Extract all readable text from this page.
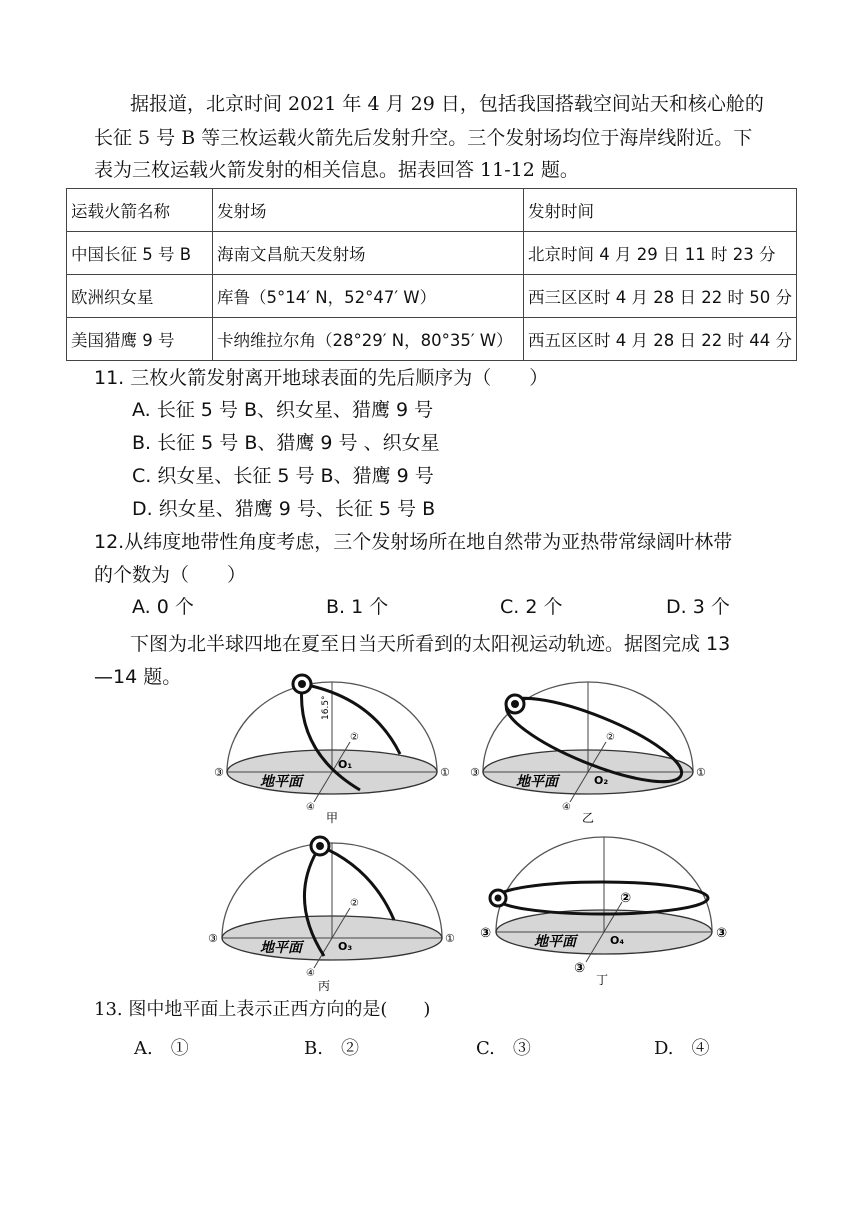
据报道，北京时间 2021 年 4 月 29 日，包括我国搭载空间站天和核心舱的
长征 5 号 B 等三枚运载火箭先后发射升空。三个发射场均位于海岸线附近。下
表为三枚运载火箭发射的相关信息。据表回答 11-12 题。
运载火箭名称	发射场	发射时间
中国长征 5 号 B	海南文昌航天发射场	北京时间 4 月 29 日 11 时 23 分
欧洲织女星	库鲁（5°14′ N，52°47′ W）	西三区区时 4 月 28 日 22 时 50 分
美国猎鹰 9 号	卡纳维拉尔角（28°29′ N，80°35′ W）	西五区区时 4 月 28 日 22 时 44 分
11. 三枚火箭发射离开地球表面的先后顺序为（　　）
A. 长征 5 号 B、织女星、猎鹰 9 号
B. 长征 5 号 B、猎鹰 9 号 、织女星
C. 织女星、长征 5 号 B、猎鹰 9 号
D. 织女星、猎鹰 9 号、长征 5 号 B
12.从纬度地带性角度考虑，三个发射场所在地自然带为亚热带常绿阔叶林带
的个数为（　　）
A. 0 个	B. 1 个	C. 2 个	D. 3 个
下图为北半球四地在夏至日当天所看到的太阳视运动轨迹。据图完成 13
—14 题。
16.5°
③	①
②
④
地平面
O₁
甲
③	①
②
④
地平面	O₂
乙
③	①
②
④
地平面	O₃
丙
③	③
②
③
地平面	O₄
丁
13. 图中地平面上表示正西方向的是(　　)
A.　①	B.　②	C.　③	D.　④
